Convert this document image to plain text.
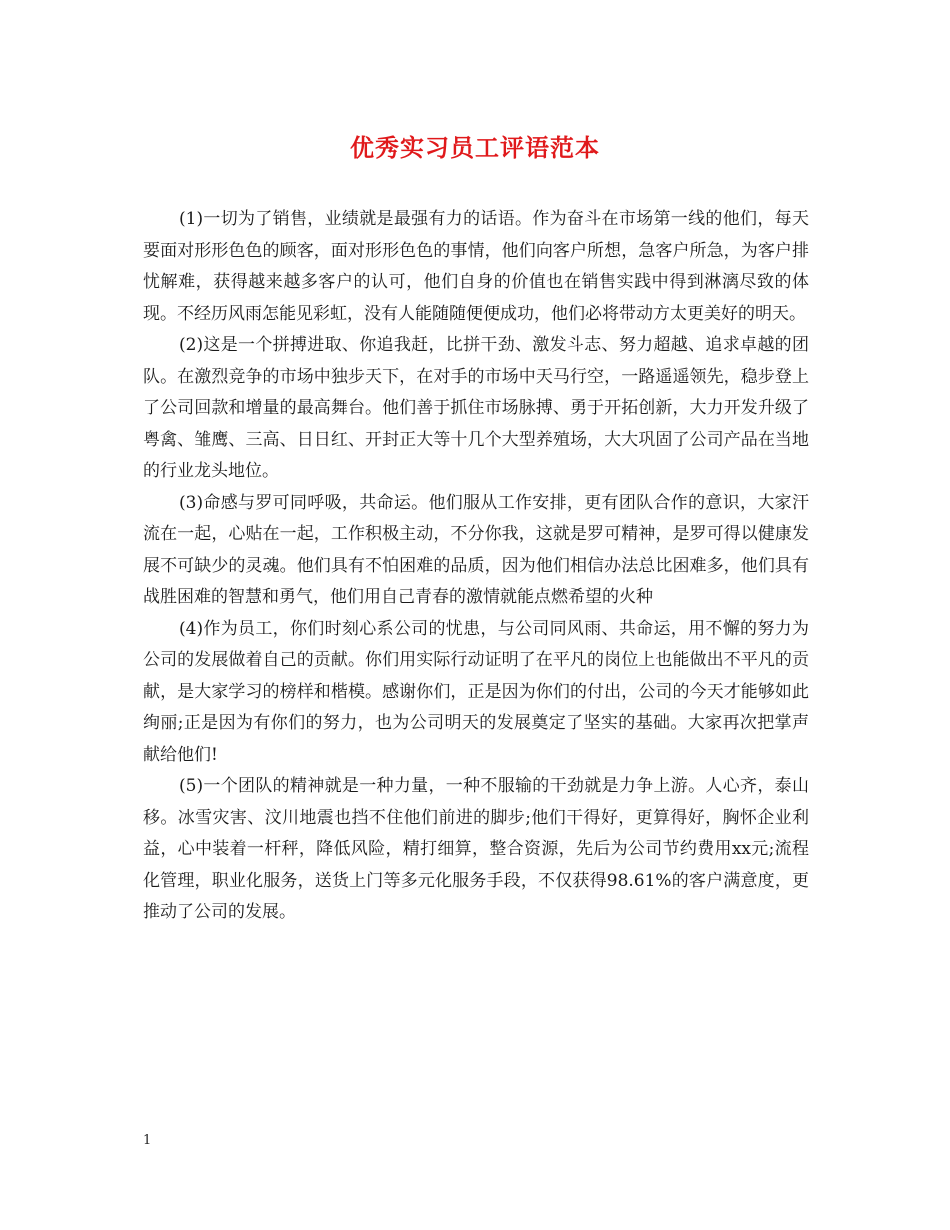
优秀实习员工评语范本

(1)一切为了销售，业绩就是最强有力的话语。作为奋斗在市场第一线的他们，每天要面对形形色色的顾客，面对形形色色的事情，他们向客户所想，急客户所急，为客户排忧解难，获得越来越多客户的认可，他们自身的价值也在销售实践中得到淋漓尽致的体现。不经历风雨怎能见彩虹，没有人能随随便便成功，他们必将带动方太更美好的明天。

(2)这是一个拼搏进取、你追我赶，比拼干劲、激发斗志、努力超越、追求卓越的团队。在激烈竞争的市场中独步天下，在对手的市场中天马行空，一路遥遥领先，稳步登上了公司回款和增量的最高舞台。他们善于抓住市场脉搏、勇于开拓创新，大力开发升级了粤禽、雏鹰、三高、日日红、开封正大等十几个大型养殖场，大大巩固了公司产品在当地的行业龙头地位。

(3)命感与罗可同呼吸，共命运。他们服从工作安排，更有团队合作的意识，大家汗流在一起，心贴在一起，工作积极主动，不分你我，这就是罗可精神，是罗可得以健康发展不可缺少的灵魂。他们具有不怕困难的品质，因为他们相信办法总比困难多，他们具有战胜困难的智慧和勇气，他们用自己青春的激情就能点燃希望的火种

(4)作为员工，你们时刻心系公司的忧患，与公司同风雨、共命运，用不懈的努力为公司的发展做着自己的贡献。你们用实际行动证明了在平凡的岗位上也能做出不平凡的贡献，是大家学习的榜样和楷模。感谢你们，正是因为你们的付出，公司的今天才能够如此绚丽;正是因为有你们的努力，也为公司明天的发展奠定了坚实的基础。大家再次把掌声献给他们!

(5)一个团队的精神就是一种力量，一种不服输的干劲就是力争上游。人心齐，泰山移。冰雪灾害、汶川地震也挡不住他们前进的脚步;他们干得好，更算得好，胸怀企业利益，心中装着一杆秤，降低风险，精打细算，整合资源，先后为公司节约费用xx元;流程化管理，职业化服务，送货上门等多元化服务手段，不仅获得98.61%的客户满意度，更推动了公司的发展。

1
